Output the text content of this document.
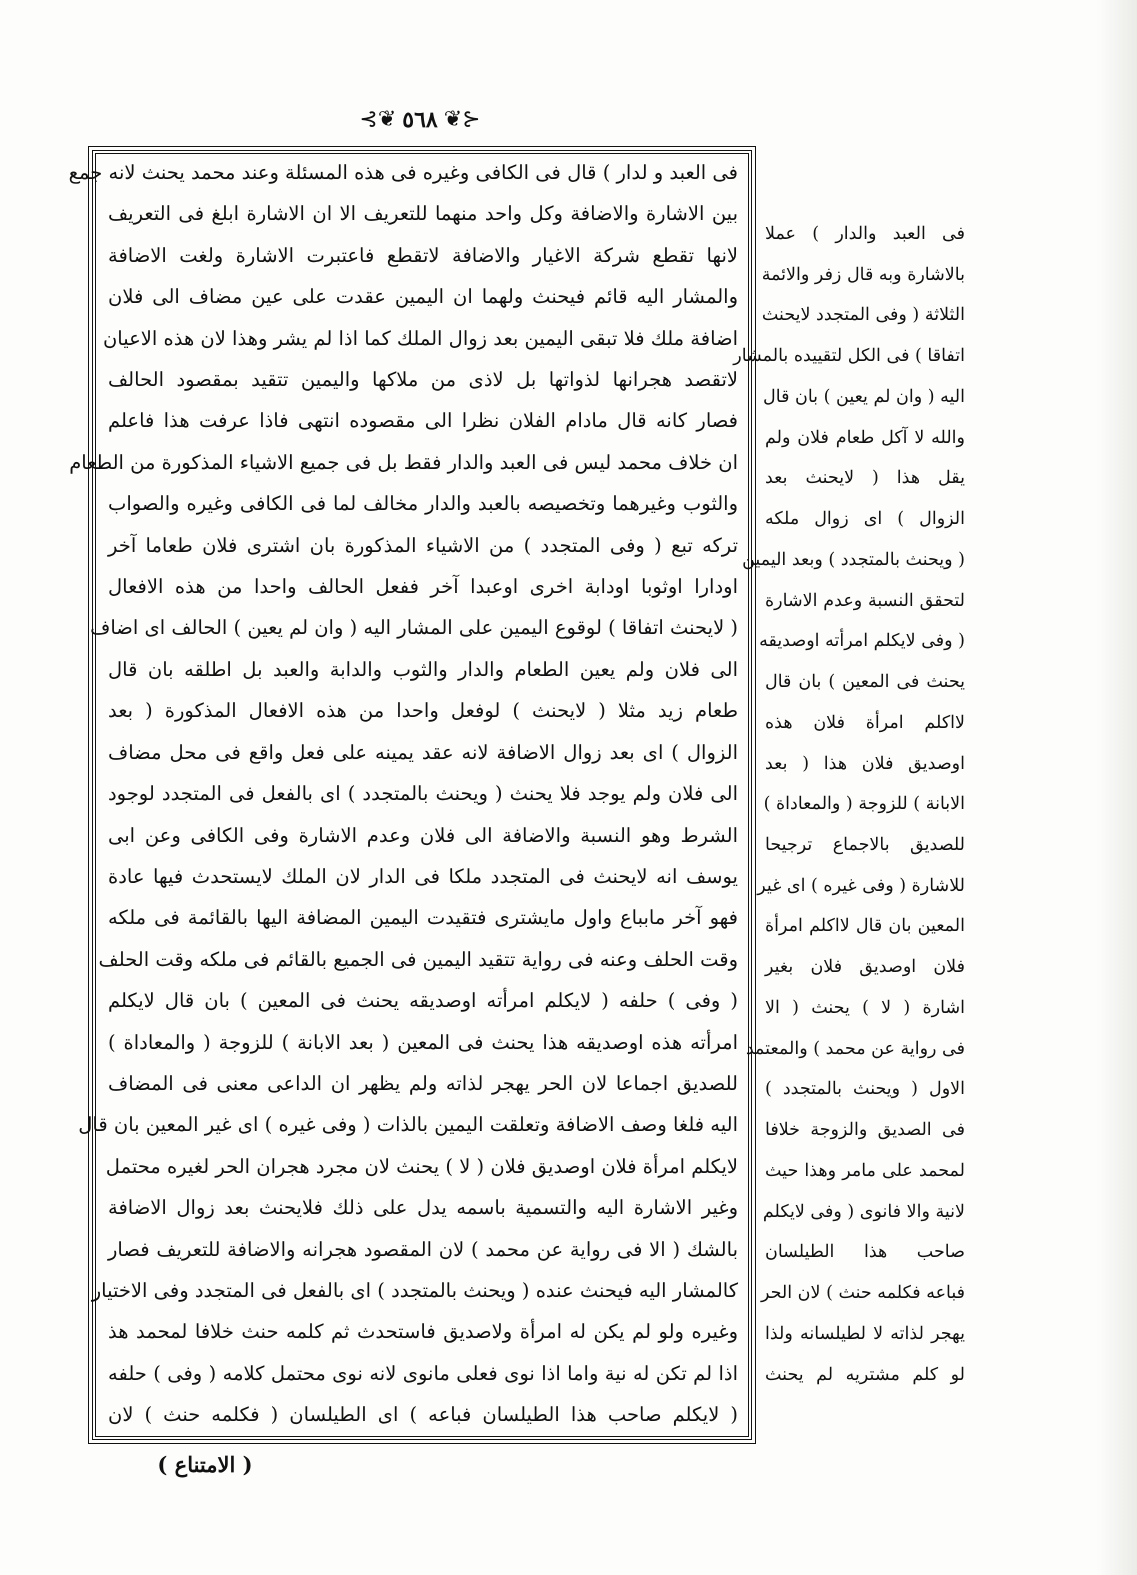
⊰❦ ٥٦٨ ❦⊱
فى العبد و لدار ) قال فى الكافى وغيره فى هذه المسئلة وعند محمد يحنث لانه جمع
بين الاشارة والاضافة وكل واحد منهما للتعريف الا ان الاشارة ابلغ فى التعريف
لانها تقطع شركة الاغيار والاضافة لاتقطع فاعتبرت الاشارة ولغت الاضافة
والمشار اليه قائم فيحنث ولهما ان اليمين عقدت على عين مضاف الى فلان
اضافة ملك فلا تبقى اليمين بعد زوال الملك كما اذا لم يشر وهذا لان هذه الاعيان
لاتقصد هجرانها لذواتها بل لاذى من ملاكها واليمين تتقيد بمقصود الحالف
فصار كانه قال مادام الفلان نظرا الى مقصوده انتهى فاذا عرفت هذا فاعلم
ان خلاف محمد ليس فى العبد والدار فقط بل فى جميع الاشياء المذكورة من الطعام
والثوب وغيرهما وتخصيصه بالعبد والدار مخالف لما فى الكافى وغيره والصواب
تركه تبع ( وفى المتجدد ) من الاشياء المذكورة بان اشترى فلان طعاما آخر
اودارا اوثوبا اودابة اخرى اوعبدا آخر ففعل الحالف واحدا من هذه الافعال
( لايحنث اتفاقا ) لوقوع اليمين على المشار اليه ( وان لم يعين ) الحالف اى اضاف
الى فلان ولم يعين الطعام والدار والثوب والدابة والعبد بل اطلقه بان قال
طعام زيد مثلا ( لايحنث ) لوفعل واحدا من هذه الافعال المذكورة ( بعد
الزوال ) اى بعد زوال الاضافة لانه عقد يمينه على فعل واقع فى محل مضاف
الى فلان ولم يوجد فلا يحنث ( ويحنث بالمتجدد ) اى بالفعل فى المتجدد لوجود
الشرط وهو النسبة والاضافة الى فلان وعدم الاشارة وفى الكافى وعن ابى
يوسف انه لايحنث فى المتجدد ملكا فى الدار لان الملك لايستحدث فيها عادة
فهو آخر مابباع واول مايشترى فتقيدت اليمين المضافة اليها بالقائمة فى ملكه
وقت الحلف وعنه فى رواية تتقيد اليمين فى الجميع بالقائم فى ملكه وقت الحلف
( وفى ) حلفه ( لايكلم امرأته اوصديقه يحنث فى المعين ) بان قال لايكلم
امرأته هذه اوصديقه هذا يحنث فى المعين ( بعد الابانة ) للزوجة ( والمعاداة )
للصديق اجماعا لان الحر يهجر لذاته ولم يظهر ان الداعى معنى فى المضاف
اليه فلغا وصف الاضافة وتعلقت اليمين بالذات ( وفى غيره ) اى غير المعين بان قال
لايكلم امرأة فلان اوصديق فلان ( لا ) يحنث لان مجرد هجران الحر لغيره محتمل
وغير الاشارة اليه والتسمية باسمه يدل على ذلك فلايحنث بعد زوال الاضافة
بالشك ( الا فى رواية عن محمد ) لان المقصود هجرانه والاضافة للتعريف فصار
كالمشار اليه فيحنث عنده ( ويحنث بالمتجدد ) اى بالفعل فى المتجدد وفى الاختيار
وغيره ولو لم يكن له امرأة ولاصديق فاستحدث ثم كلمه حنث خلافا لمحمد هذ
اذا لم تكن له نية واما اذا نوى فعلى مانوى لانه نوى محتمل كلامه ( وفى ) حلفه
( لايكلم صاحب هذا الطيلسان فباعه ) اى الطيلسان ( فكلمه حنث ) لان
فى العبد والدار ) عملا
بالاشارة وبه قال زفر والائمة
الثلاثة ( وفى المتجدد لايحنث
اتفاقا ) فى الكل لتقييده بالمشار
اليه ( وان لم يعين ) بان قال
والله لا آكل طعام فلان ولم
يقل هذا ( لايحنث بعد
الزوال ) اى زوال ملكه
( ويحنث بالمتجدد ) وبعد اليمين
لتحقق النسبة وعدم الاشارة
( وفى لايكلم امرأته اوصديقه
يحنث فى المعين ) بان قال
لااكلم امرأة فلان هذه
اوصديق فلان هذا ( بعد
الابانة ) للزوجة ( والمعاداة )
للصديق بالاجماع ترجيحا
للاشارة ( وفى غيره ) اى غير
المعين بان قال لااكلم امرأة
فلان اوصديق فلان بغير
اشارة ( لا ) يحنث ( الا
فى رواية عن محمد ) والمعتمد
الاول ( ويحنث بالمتجدد )
فى الصديق والزوجة خلافا
لمحمد على مامر وهذا حيث
لانية والا فانوى ( وفى لايكلم
صاحب هذا الطيلسان
فباعه فكلمه حنث ) لان الحر
يهجر لذاته لا لطيلسانه ولذا
لو كلم مشتريه لم يحنث
( الامتناع )
